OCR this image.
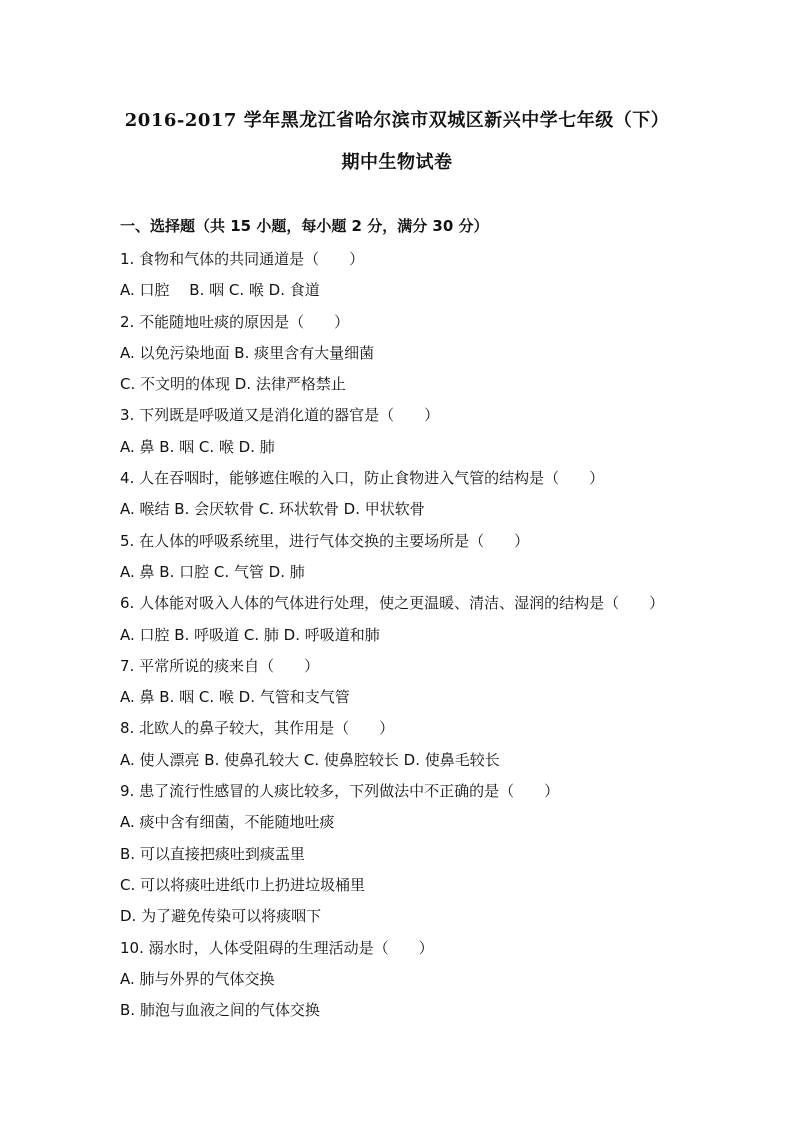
2016-2017 学年黑龙江省哈尔滨市双城区新兴中学七年级（下）
期中生物试卷
一、选择题（共 15 小题，每小题 2 分，满分 30 分）
1. 食物和气体的共同通道是（　　）
A. 口腔　 B. 咽 C. 喉 D. 食道
2. 不能随地吐痰的原因是（　　）
A. 以免污染地面 B. 痰里含有大量细菌
C. 不文明的体现 D. 法律严格禁止
3. 下列既是呼吸道又是消化道的器官是（　　）
A. 鼻 B. 咽 C. 喉 D. 肺
4. 人在吞咽时，能够遮住喉的入口，防止食物进入气管的结构是（　　）
A. 喉结 B. 会厌软骨 C. 环状软骨 D. 甲状软骨
5. 在人体的呼吸系统里，进行气体交换的主要场所是（　　）
A. 鼻 B. 口腔 C. 气管 D. 肺
6. 人体能对吸入人体的气体进行处理，使之更温暖、清洁、湿润的结构是（　　）
A. 口腔 B. 呼吸道 C. 肺 D. 呼吸道和肺
7. 平常所说的痰来自（　　）
A. 鼻 B. 咽 C. 喉 D. 气管和支气管
8. 北欧人的鼻子较大，其作用是（　　）
A. 使人漂亮 B. 使鼻孔较大 C. 使鼻腔较长 D. 使鼻毛较长
9. 患了流行性感冒的人痰比较多，下列做法中不正确的是（　　）
A. 痰中含有细菌，不能随地吐痰
B. 可以直接把痰吐到痰盂里
C. 可以将痰吐进纸巾上扔进垃圾桶里
D. 为了避免传染可以将痰咽下
10. 溺水时，人体受阻碍的生理活动是（　　）
A. 肺与外界的气体交换
B. 肺泡与血液之间的气体交换
